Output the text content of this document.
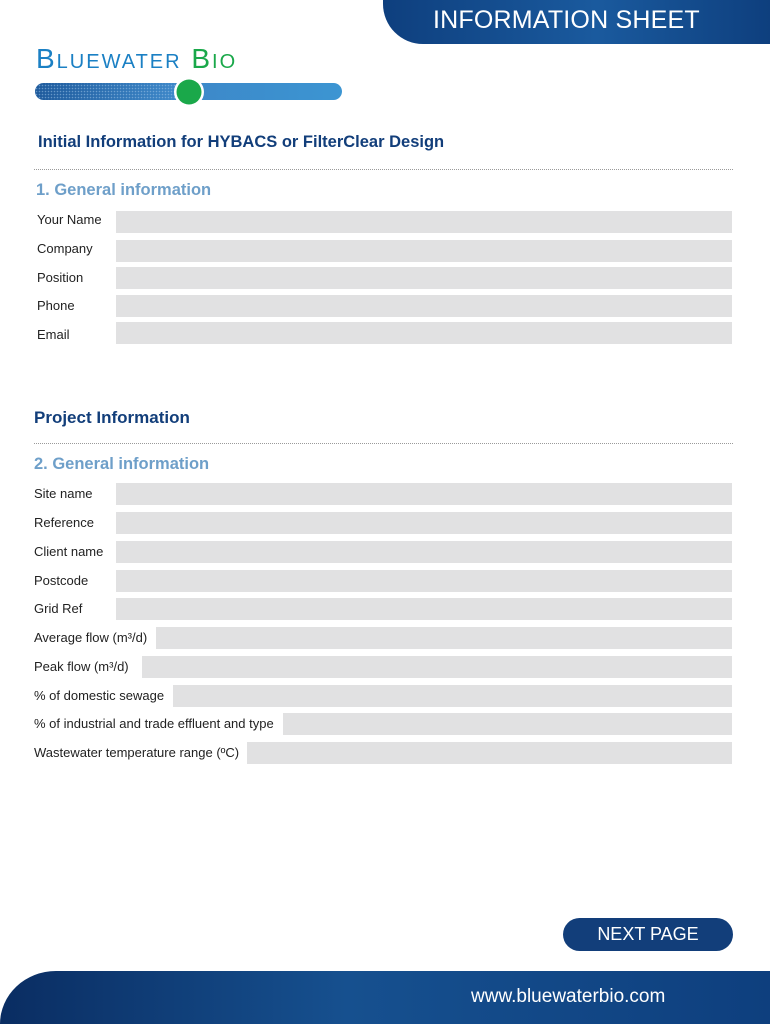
INFORMATION SHEET
Bluewater Bio
Initial Information for HYBACS or FilterClear Design
1. General information
Your Name
Company
Position
Phone
Email
Project Information
2. General information
Site name
Reference
Client name
Postcode
Grid Ref
Average flow (m³/d)
Peak flow (m³/d)
% of domestic sewage
% of industrial and trade effluent and type
Wastewater temperature range (ºC)
NEXT PAGE
www.bluewaterbio.com
